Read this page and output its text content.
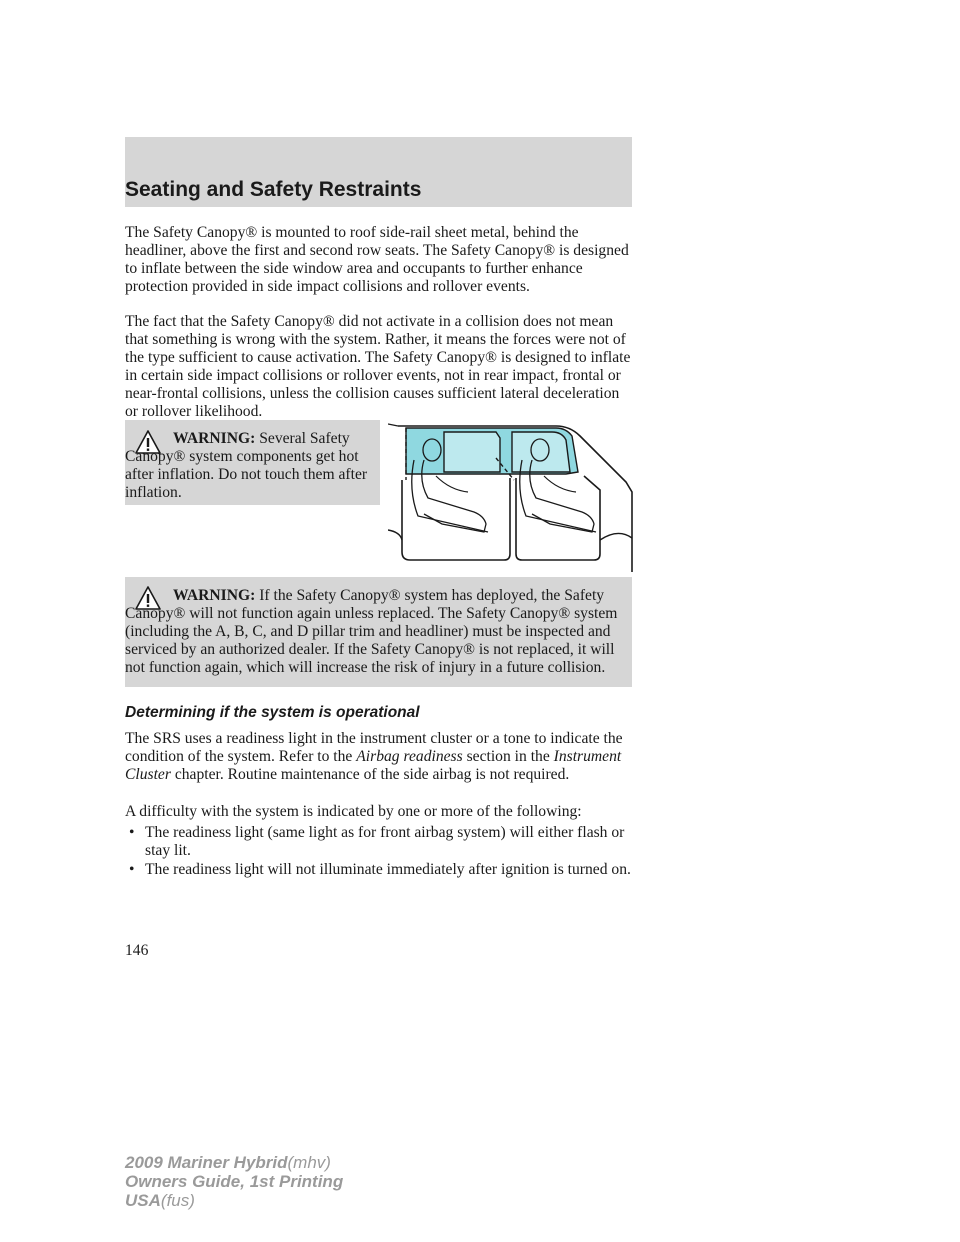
Seating and Safety Restraints

The Safety Canopy® is mounted to roof side-rail sheet metal, behind the headliner, above the first and second row seats. The Safety Canopy® is designed to inflate between the side window area and occupants to further enhance protection provided in side impact collisions and rollover events.

The fact that the Safety Canopy® did not activate in a collision does not mean that something is wrong with the system. Rather, it means the forces were not of the type sufficient to cause activation. The Safety Canopy® is designed to inflate in certain side impact collisions or rollover events, not in rear impact, frontal or near-frontal collisions, unless the collision causes sufficient lateral deceleration or rollover likelihood.

WARNING: Several Safety Canopy® system components get hot after inflation. Do not touch them after inflation.

WARNING: If the Safety Canopy® system has deployed, the Safety Canopy® will not function again unless replaced. The Safety Canopy® system (including the A, B, C, and D pillar trim and headliner) must be inspected and serviced by an authorized dealer. If the Safety Canopy® is not replaced, it will not function again, which will increase the risk of injury in a future collision.

Determining if the system is operational

The SRS uses a readiness light in the instrument cluster or a tone to indicate the condition of the system. Refer to the Airbag readiness section in the Instrument Cluster chapter. Routine maintenance of the side airbag is not required.

A difficulty with the system is indicated by one or more of the following:

• The readiness light (same light as for front airbag system) will either flash or stay lit.
• The readiness light will not illuminate immediately after ignition is turned on.
146
2009 Mariner Hybrid(mhv)
Owners Guide, 1st Printing
USA(fus)
